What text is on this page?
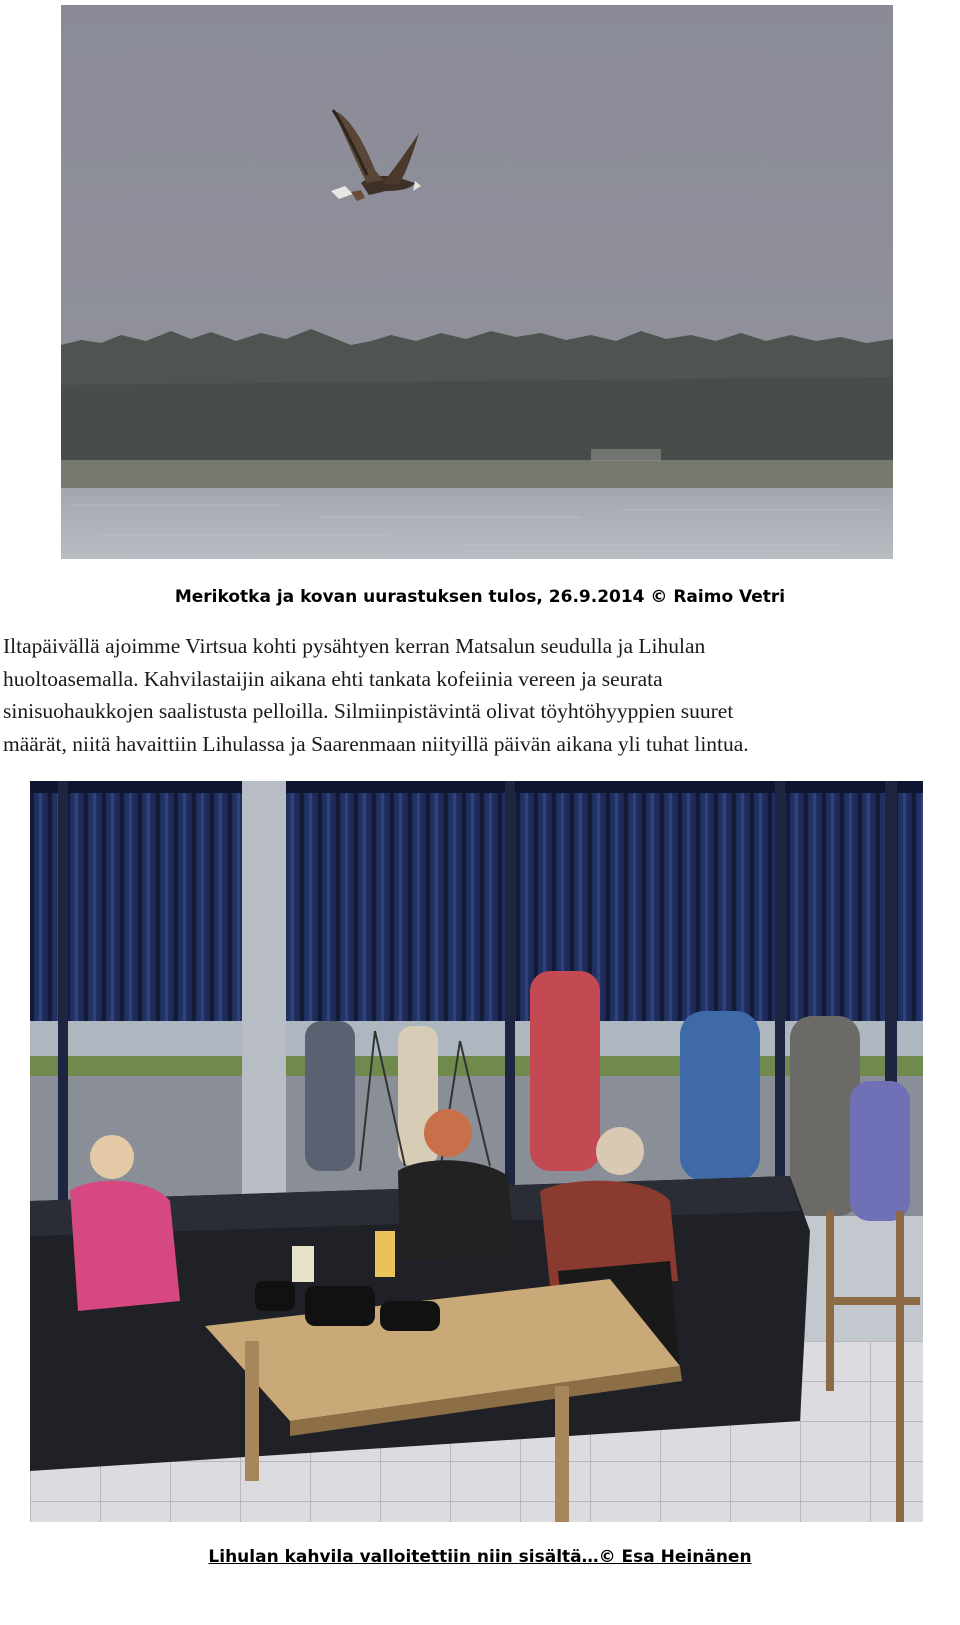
Merikotka ja kovan uurastuksen tulos, 26.9.2014 © Raimo Vetri
Iltapäivällä ajoimme Virtsua kohti pysähtyen kerran Matsalun seudulla ja Lihulan
huoltoasemalla. Kahvilastaijin aikana ehti tankata kofeiinia vereen ja seurata
sinisuohaukkojen saalistusta pelloilla. Silmiinpistävintä olivat töyhtöhyyppien suuret
määrät, niitä havaittiin Lihulassa ja Saarenmaan niityillä päivän aikana yli tuhat lintua.
Lihulan kahvila valloitettiin niin sisältä…© Esa Heinänen
